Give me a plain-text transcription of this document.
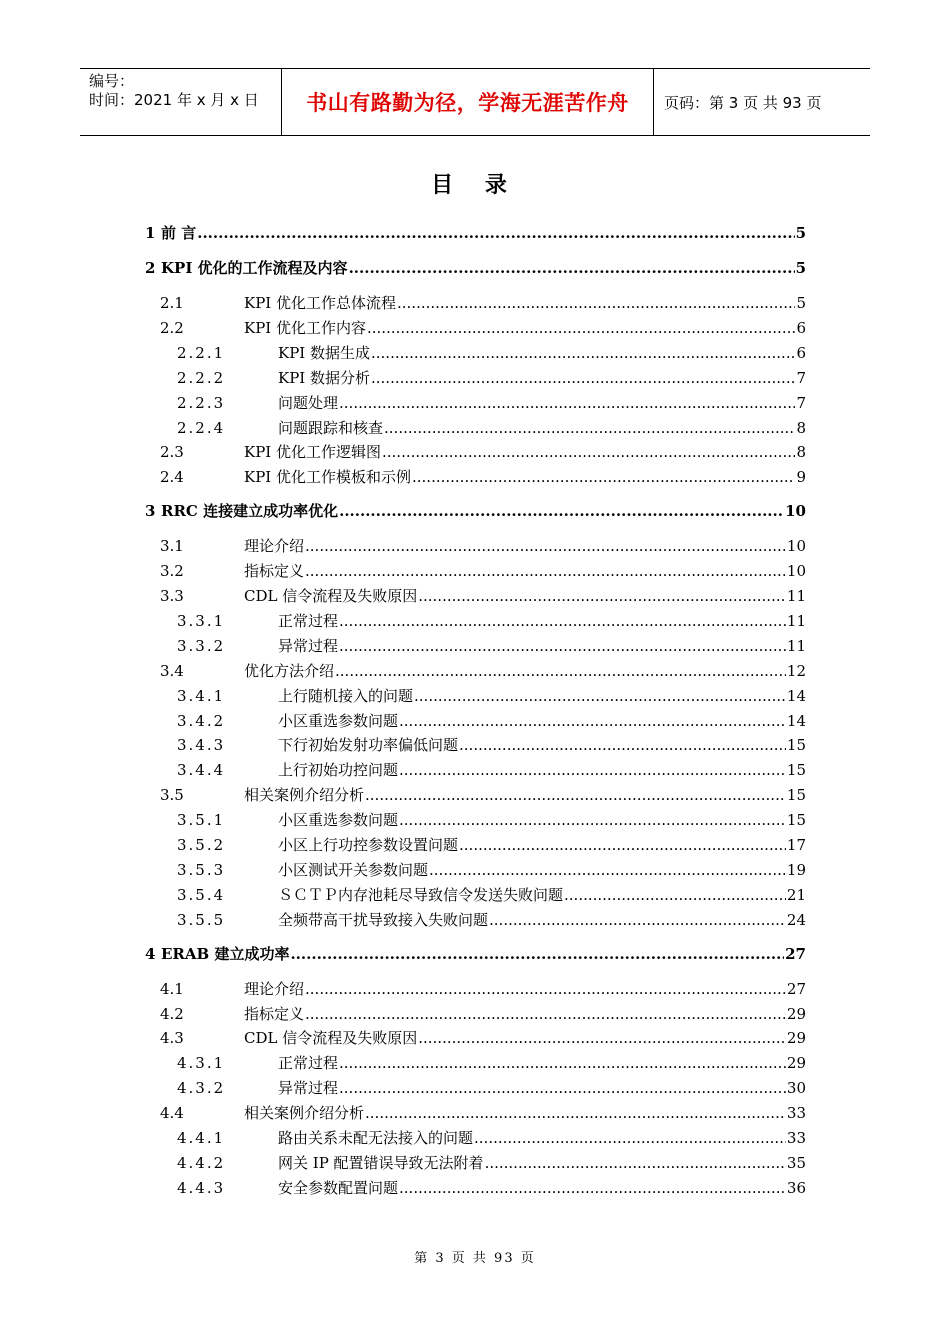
编号：
时间：2021 年 x 月 x 日	书山有路勤为径，学海无涯苦作舟	页码：第 3 页 共 93 页
目 录
1 前 言 .....	5
2 KPI 优化的工作流程及内容 .....	5
2.1	KPI 优化工作总体流程 .....	5
2.2	KPI 优化工作内容 .....	6
2.2.1	KPI 数据生成 .....	6
2.2.2	KPI 数据分析 .....	7
2.2.3	问题处理 .....	7
2.2.4	问题跟踪和核查 .....	8
2.3	KPI 优化工作逻辑图 .....	8
2.4	KPI 优化工作模板和示例 .....	9
3 RRC 连接建立成功率优化 .....	10
3.1	理论介绍 .....	10
3.2	指标定义 .....	10
3.3	CDL 信令流程及失败原因 .....	11
3.3.1	正常过程 .....	11
3.3.2	异常过程 .....	11
3.4	优化方法介绍 .....	12
3.4.1	上行随机接入的问题 .....	14
3.4.2	小区重选参数问题 .....	14
3.4.3	下行初始发射功率偏低问题 .....	15
3.4.4	上行初始功控问题 .....	15
3.5	相关案例介绍分析 .....	15
3.5.1	小区重选参数问题 .....	15
3.5.2	小区上行功控参数设置问题 .....	17
3.5.3	小区测试开关参数问题 .....	19
3.5.4	ＳＣＴＰ内存池耗尽导致信令发送失败问题 .....	21
3.5.5	全频带高干扰导致接入失败问题 .....	24
4 ERAB 建立成功率 .....	27
4.1	理论介绍 .....	27
4.2	指标定义 .....	29
4.3	CDL 信令流程及失败原因 .....	29
4.3.1	正常过程 .....	29
4.3.2	异常过程 .....	30
4.4	相关案例介绍分析 .....	33
4.4.1	路由关系未配无法接入的问题 .....	33
4.4.2	网关 IP 配置错误导致无法附着 .....	35
4.4.3	安全参数配置问题 .....	36
第 3 页 共 93 页
